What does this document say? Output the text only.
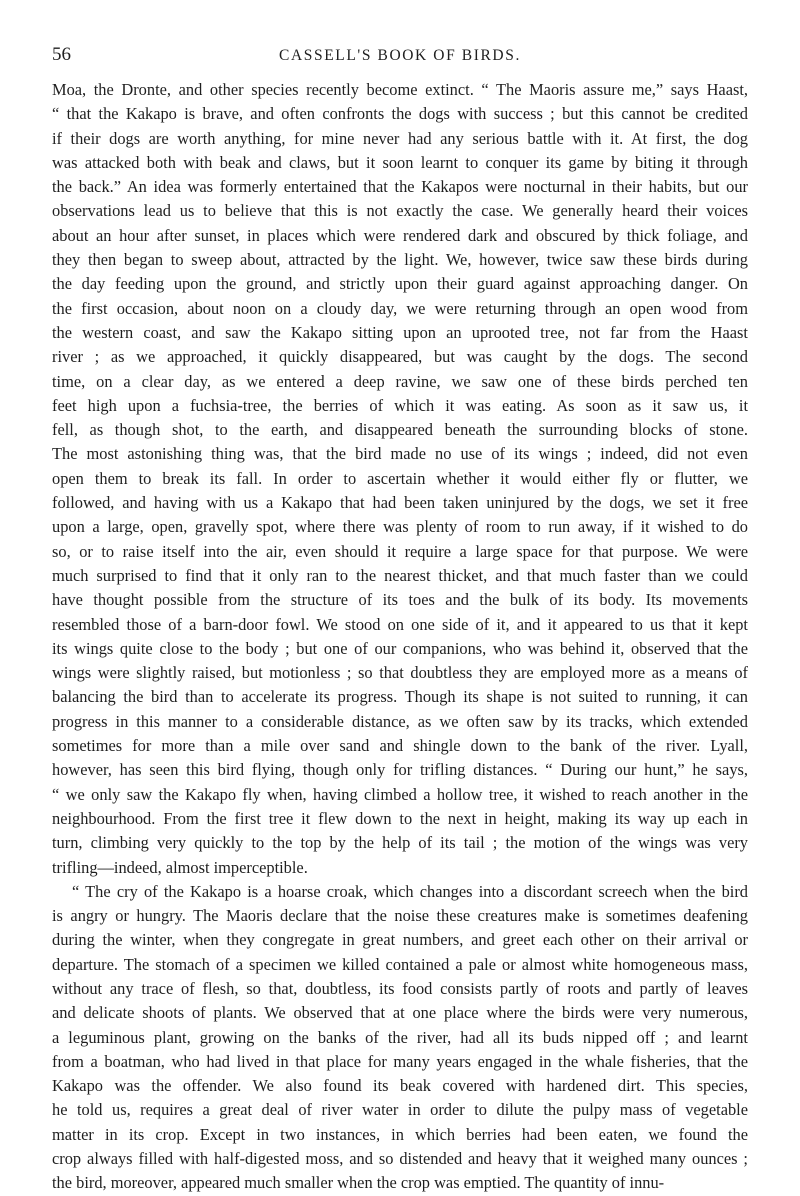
56	CASSELL'S BOOK OF BIRDS.
Moa, the Dronte, and other species recently become extinct. “ The Maoris assure me,” says Haast,
“ that the Kakapo is brave, and often confronts the dogs with success ; but this cannot be credited
if their dogs are worth anything, for mine never had any serious battle with it. At first, the dog
was attacked both with beak and claws, but it soon learnt to conquer its game by biting it through
the back.” An idea was formerly entertained that the Kakapos were nocturnal in their habits, but our
observations lead us to believe that this is not exactly the case. We generally heard their voices
about an hour after sunset, in places which were rendered dark and obscured by thick foliage, and
they then began to sweep about, attracted by the light. We, however, twice saw these birds during
the day feeding upon the ground, and strictly upon their guard against approaching danger. On
the first occasion, about noon on a cloudy day, we were returning through an open wood from
the western coast, and saw the Kakapo sitting upon an uprooted tree, not far from the Haast
river ; as we approached, it quickly disappeared, but was caught by the dogs. The second
time, on a clear day, as we entered a deep ravine, we saw one of these birds perched ten
feet high upon a fuchsia-tree, the berries of which it was eating. As soon as it saw us, it
fell, as though shot, to the earth, and disappeared beneath the surrounding blocks of stone.
The most astonishing thing was, that the bird made no use of its wings ; indeed, did not even
open them to break its fall. In order to ascertain whether it would either fly or flutter, we
followed, and having with us a Kakapo that had been taken uninjured by the dogs, we set it free
upon a large, open, gravelly spot, where there was plenty of room to run away, if it wished to do
so, or to raise itself into the air, even should it require a large space for that purpose. We were
much surprised to find that it only ran to the nearest thicket, and that much faster than we could
have thought possible from the structure of its toes and the bulk of its body. Its movements
resembled those of a barn-door fowl. We stood on one side of it, and it appeared to us that it kept
its wings quite close to the body ; but one of our companions, who was behind it, observed that the
wings were slightly raised, but motionless ; so that doubtless they are employed more as a means of
balancing the bird than to accelerate its progress. Though its shape is not suited to running, it can
progress in this manner to a considerable distance, as we often saw by its tracks, which extended
sometimes for more than a mile over sand and shingle down to the bank of the river. Lyall,
however, has seen this bird flying, though only for trifling distances. “ During our hunt,” he says,
“ we only saw the Kakapo fly when, having climbed a hollow tree, it wished to reach another in the
neighbourhood. From the first tree it flew down to the next in height, making its way up each in
turn, climbing very quickly to the top by the help of its tail ; the motion of the wings was very
trifling—indeed, almost imperceptible.
“ The cry of the Kakapo is a hoarse croak, which changes into a discordant screech when the bird
is angry or hungry. The Maoris declare that the noise these creatures make is sometimes deafening
during the winter, when they congregate in great numbers, and greet each other on their arrival or
departure. The stomach of a specimen we killed contained a pale or almost white homogeneous mass,
without any trace of flesh, so that, doubtless, its food consists partly of roots and partly of leaves
and delicate shoots of plants. We observed that at one place where the birds were very numerous,
a leguminous plant, growing on the banks of the river, had all its buds nipped off ; and learnt
from a boatman, who had lived in that place for many years engaged in the whale fisheries, that the
Kakapo was the offender. We also found its beak covered with hardened dirt. This species,
he told us, requires a great deal of river water in order to dilute the pulpy mass of vegetable
matter in its crop. Except in two instances, in which berries had been eaten, we found the
crop always filled with half-digested moss, and so distended and heavy that it weighed many ounces ;
the bird, moreover, appeared much smaller when the crop was emptied. The quantity of innu-
